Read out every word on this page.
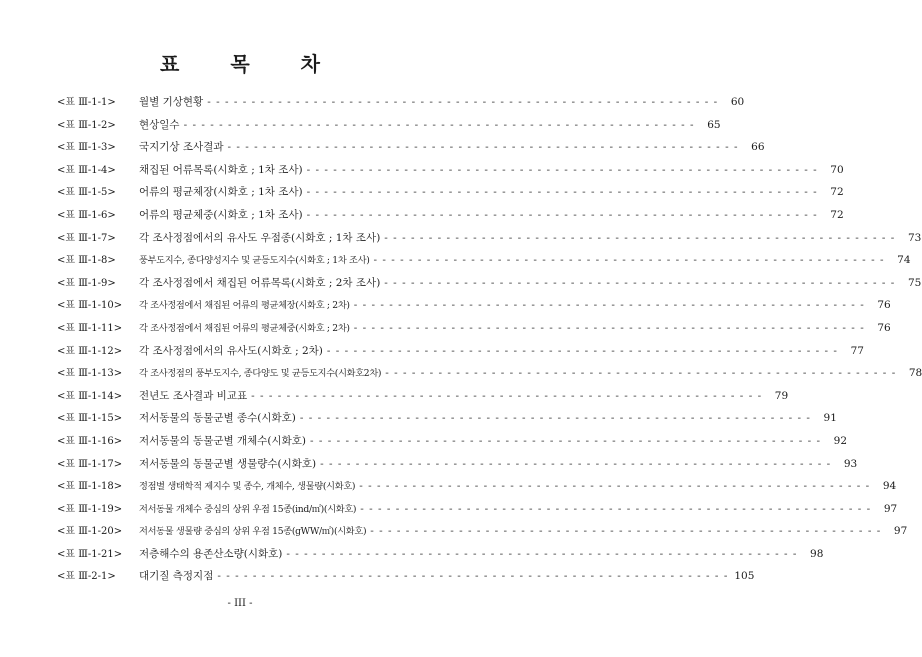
표 목 차
<표 Ⅲ-1-1>	월별 기상현황 - - -	60
<표 Ⅲ-1-2>	현상일수 - - -	65
<표 Ⅲ-1-3>	국지기상 조사결과 - - -	66
<표 Ⅲ-1-4>	채집된 어류목록(시화호 ; 1차 조사) - - -	70
<표 Ⅲ-1-5>	어류의 평균체장(시화호 ; 1차 조사) - - -	72
<표 Ⅲ-1-6>	어류의 평균체중(시화호 ; 1차 조사) - - -	72
<표 Ⅲ-1-7>	각 조사정점에서의 유사도 우점종(시화호 ; 1차 조사) - - -	73
<표 Ⅲ-1-8>	풍부도지수, 종다양성지수 및 균등도지수(시화호 ; 1차 조사) - - -	74
<표 Ⅲ-1-9>	각 조사정점에서 채집된 어류목록(시화호 ; 2차 조사) - - -	75
<표 Ⅲ-1-10>	각 조사정점에서 채집된 어류의 평균체장(시화호 ; 2차) - - -	76
<표 Ⅲ-1-11>	각 조사정점에서 채집된 어류의 평균체중(시화호 ; 2차) - - -	76
<표 Ⅲ-1-12>	각 조사정점에서의 유사도(시화호 ; 2차) - - -	77
<표 Ⅲ-1-13>	각 조사정점의 풍부도지수, 종다양도 및 균등도지수(시화호2차) - - -	78
<표 Ⅲ-1-14>	전년도 조사결과 비교표 - - -	79
<표 Ⅲ-1-15>	저서동물의 동물군별 종수(시화호) - - -	91
<표 Ⅲ-1-16>	저서동물의 동물군별 개체수(시화호) - - -	92
<표 Ⅲ-1-17>	저서동물의 동물군별 생물량수(시화호) - - -	93
<표 Ⅲ-1-18>	정점별 생태학적 제지수 및 종수, 개체수, 생물량(시화호) - - -	94
<표 Ⅲ-1-19>	저서동물 개체수 중심의 상위 우점 15종(ind/㎡)(시화호) - - -	97
<표 Ⅲ-1-20>	저서동물 생물량 중심의 상위 우점 15종(gWW/㎡)(시화호) - - -	97
<표 Ⅲ-1-21>	저층해수의 용존산소량(시화호) - - -	98
<표 Ⅲ-2-1>	대기질 측정지점 - - -	105
- III -
